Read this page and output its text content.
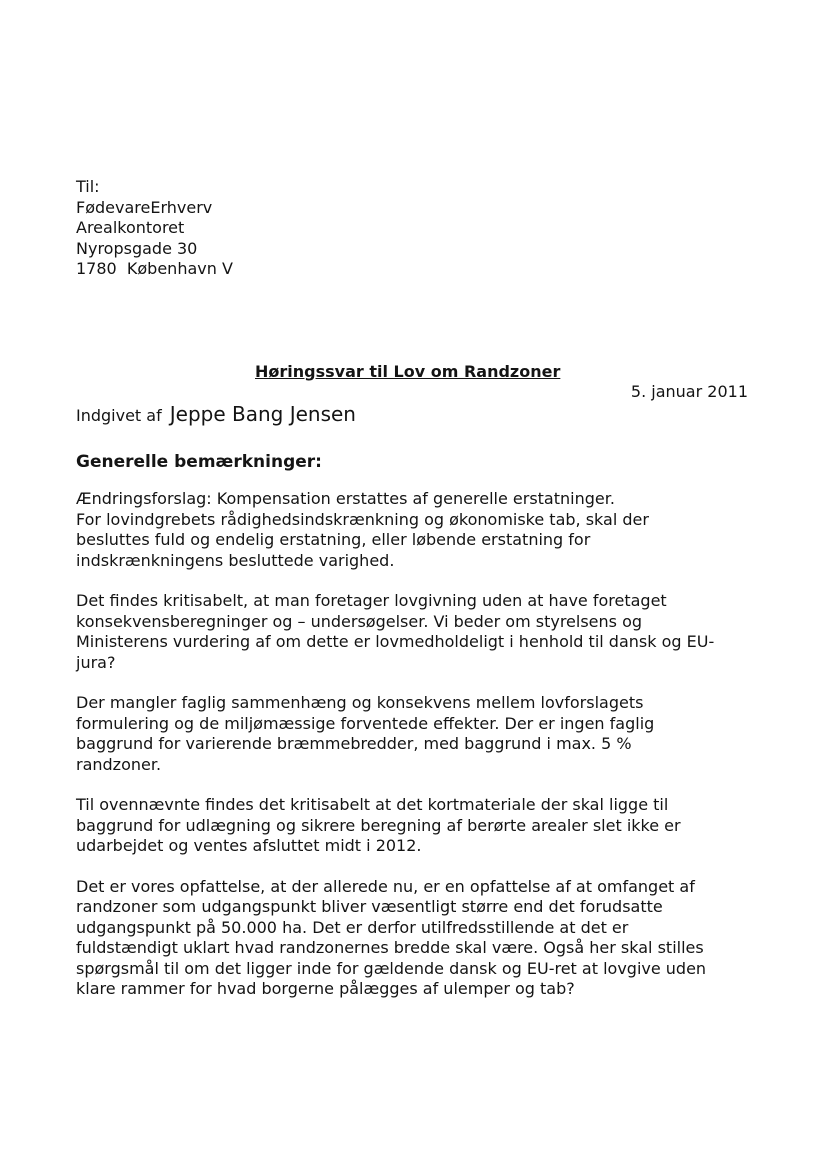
Til:
FødevareErhverv
Arealkontoret
Nyropsgade 30
1780  København V
Høringssvar til Lov om Randzoner
5. januar 2011
Indgivet af Jeppe Bang Jensen
Generelle bemærkninger:

Ændringsforslag: Kompensation erstattes af generelle erstatninger.
For lovindgrebets rådighedsindskrænkning og økonomiske tab, skal der
besluttes fuld og endelig erstatning, eller løbende erstatning for
indskrænkningens besluttede varighed.

Det findes kritisabelt, at man foretager lovgivning uden at have foretaget
konsekvensberegninger og – undersøgelser. Vi beder om styrelsens og
Ministerens vurdering af om dette er lovmedholdeligt i henhold til dansk og EU-
jura?

Der mangler faglig sammenhæng og konsekvens mellem lovforslagets
formulering og de miljømæssige forventede effekter. Der er ingen faglig
baggrund for varierende bræmmebredder, med baggrund i max. 5 %
randzoner.

Til ovennævnte findes det kritisabelt at det kortmateriale der skal ligge til
baggrund for udlægning og sikrere beregning af berørte arealer slet ikke er
udarbejdet og ventes afsluttet midt i 2012.

Det er vores opfattelse, at der allerede nu, er en opfattelse af at omfanget af
randzoner som udgangspunkt bliver væsentligt større end det forudsatte
udgangspunkt på 50.000 ha. Det er derfor utilfredsstillende at det er
fuldstændigt uklart hvad randzonernes bredde skal være. Også her skal stilles
spørgsmål til om det ligger inde for gældende dansk og EU-ret at lovgive uden
klare rammer for hvad borgerne pålægges af ulemper og tab?
